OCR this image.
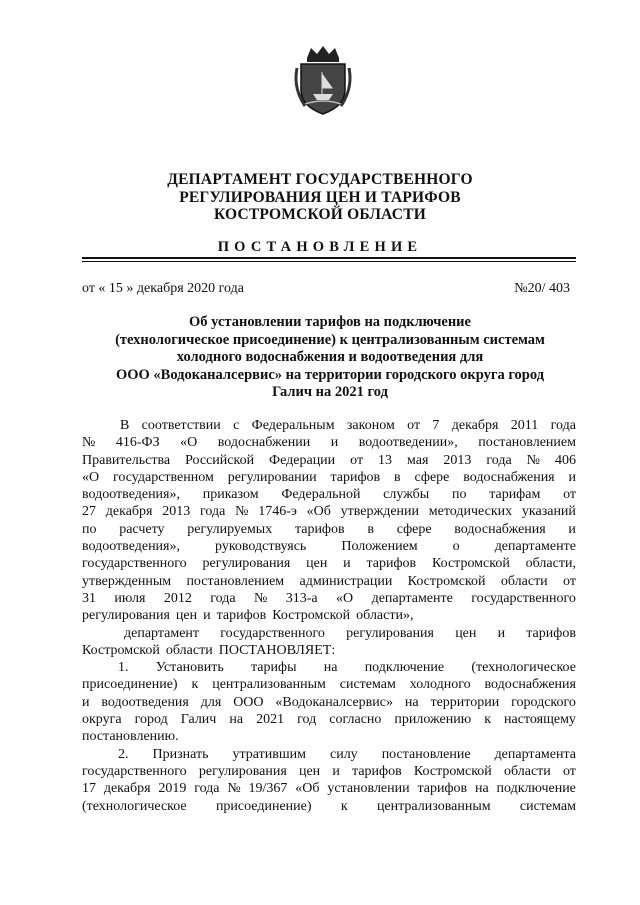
ДЕПАРТАМЕНТ ГОСУДАРСТВЕННОГО
РЕГУЛИРОВАНИЯ ЦЕН И ТАРИФОВ
КОСТРОМСКОЙ ОБЛАСТИ
ПОСТАНОВЛЕНИЕ
от « 15 » декабря 2020 года	№20/ 403
Об установлении тарифов на подключение
(технологическое присоединение) к централизованным системам
холодного водоснабжения и водоотведения для
ООО «Водоканалсервис» на территории городского округа город
Галич на 2021 год
В соответствии с Федеральным законом от 7 декабря 2011 года
№ 416-ФЗ «О водоснабжении и водоотведении», постановлением
Правительства Российской Федерации от 13 мая 2013 года № 406
«О государственном регулировании тарифов в сфере водоснабжения и
водоотведения», приказом Федеральной службы по тарифам от
27 декабря 2013 года № 1746-э «Об утверждении методических указаний
по расчету регулируемых тарифов в сфере водоснабжения и
водоотведения»,	руководствуясь	Положением	о	департаменте
государственного регулирования цен и тарифов Костромской области,
утвержденным постановлением администрации Костромской области от
31 июля 2012 года № 313-а «О департаменте государственного
регулирования цен и тарифов Костромской области»,
департамент государственного регулирования цен и тарифов
Костромской области ПОСТАНОВЛЯЕТ:
1. Установить тарифы на подключение (технологическое
присоединение) к централизованным системам холодного водоснабжения
и водоотведения для ООО «Водоканалсервис» на территории городского
округа город Галич на 2021 год согласно приложению к настоящему
постановлению.
2. Признать утратившим силу постановление департамента
государственного регулирования цен и тарифов Костромской области от
17 декабря 2019 года № 19/367 «Об установлении тарифов на подключение
(технологическое присоединение) к централизованным системам
